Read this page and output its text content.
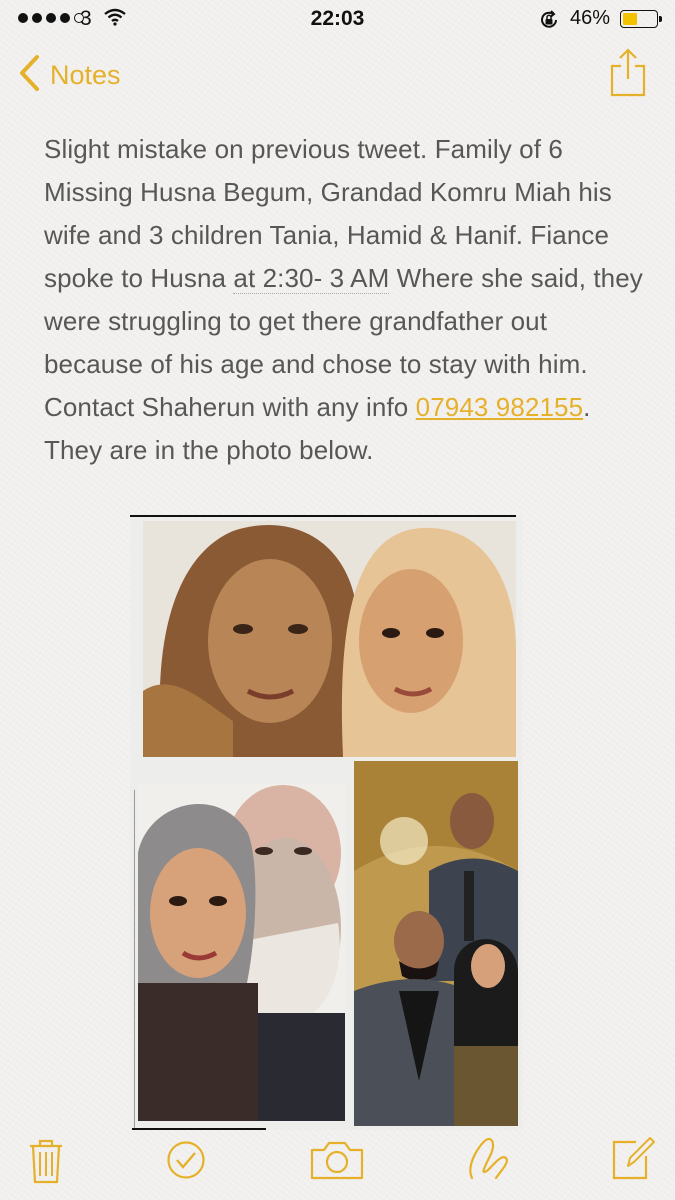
3	22:03	46%
Notes
Slight mistake on previous tweet. Family of 6 Missing Husna Begum, Grandad Komru Miah his wife and 3 children Tania, Hamid & Hanif. Fiance spoke to Husna at 2:30- 3 AM Where she said, they were struggling to get there grandfather out because of his age and chose to stay with him. Contact Shaherun with any info 07943 982155. They are in the photo below.
